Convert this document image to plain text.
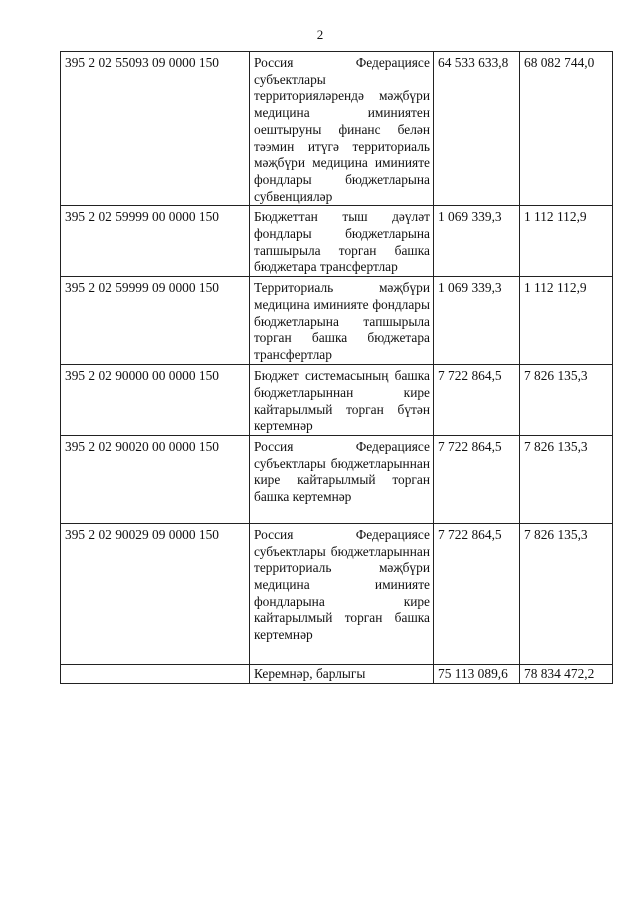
2
395 2 02 55093 09 0000 150	Россия Федерациясе субъектлары территорияләрендә мәҗбүри медицина иминиятен оештыруны финанс белән тәэмин итүгә территориаль мәҗбүри медицина иминияте фондлары бюджетларына субвенцияләр	64 533 633,8	68 082 744,0
395 2 02 59999 00 0000 150	Бюджеттан тыш дәүләт фондлары бюджетларына тапшырыла торган башка бюджетара трансфертлар	1 069 339,3	1 112 112,9
395 2 02 59999 09 0000 150	Территориаль мәҗбүри медицина иминияте фондлары бюджетларына тапшырыла торган башка бюджетара трансфертлар	1 069 339,3	1 112 112,9
395 2 02 90000 00 0000 150	Бюджет системасының башка бюджетларыннан кире кайтарылмый торган бүтән кертемнәр	7 722 864,5	7 826 135,3
395 2 02 90020 00 0000 150	Россия Федерациясе субъектлары бюджетларыннан кире кайтарылмый торган башка кертемнәр	7 722 864,5	7 826 135,3
395 2 02 90029 09 0000 150	Россия Федерациясе субъектлары бюджетларыннан территориаль мәҗбүри медицина иминияте фондларына кире кайтарылмый торган башка кертемнәр	7 722 864,5	7 826 135,3
	Керемнәр, барлыгы	75 113 089,6	78 834 472,2
